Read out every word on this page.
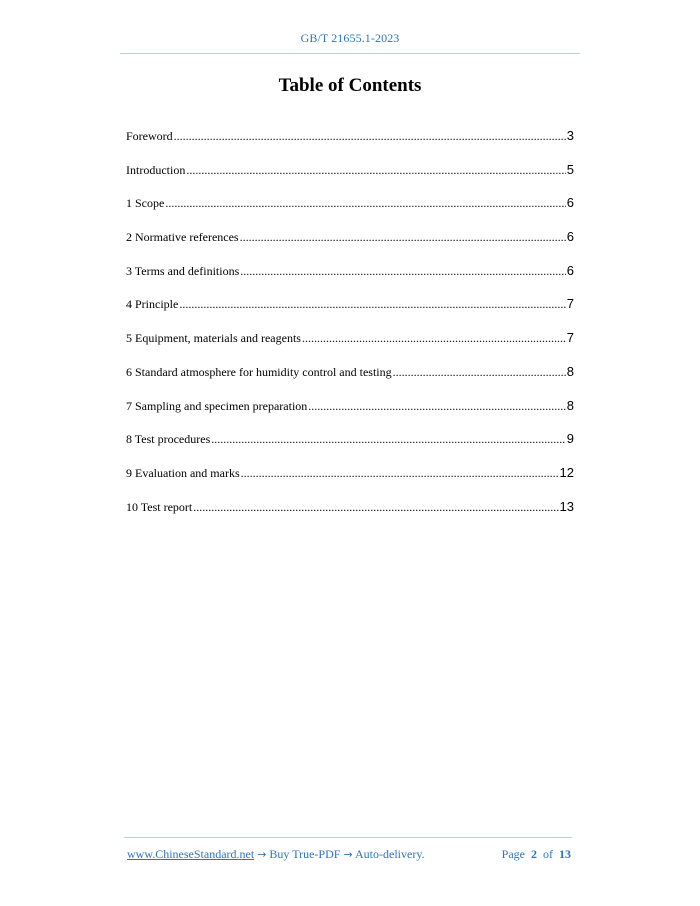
GB/T 21655.1-2023
Table of Contents
Foreword .....	3
Introduction .....	5
1 Scope .....	6
2 Normative references .....	6
3 Terms and definitions .....	6
4 Principle .....	7
5 Equipment, materials and reagents .....	7
6 Standard atmosphere for humidity control and testing .....	8
7 Sampling and specimen preparation .....	8
8 Test procedures .....	9
9 Evaluation and marks .....	12
10 Test report .....	13
www.ChineseStandard.net → Buy True-PDF → Auto-delivery.	Page 2 of 13
